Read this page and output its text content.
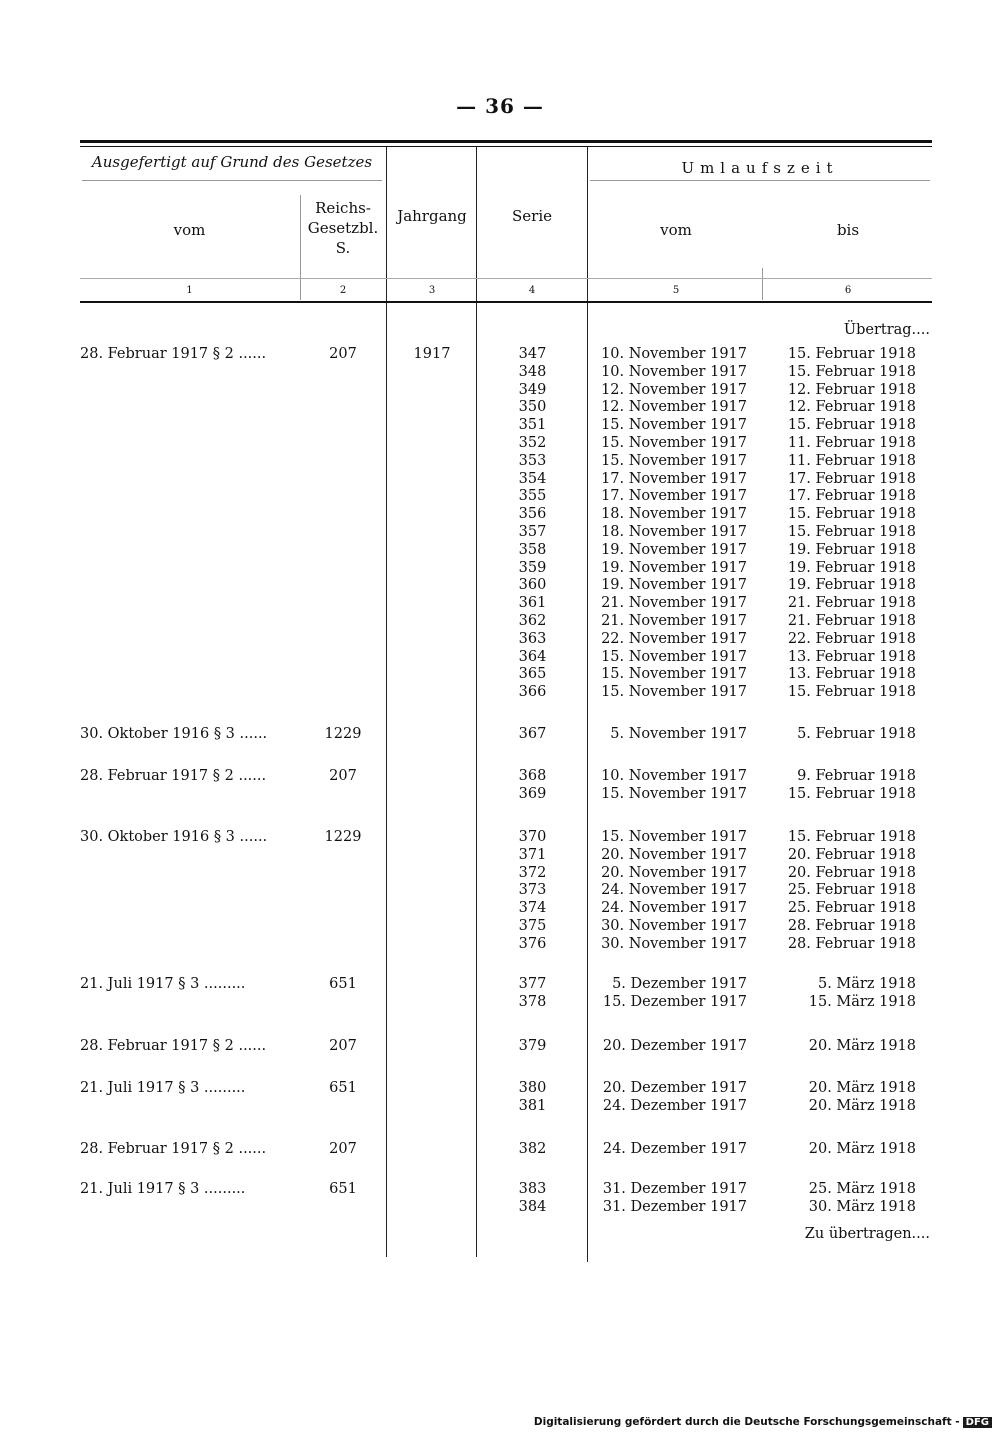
— 36 —
Ausgefertigt auf Grund des Gesetzes
vom
Reichs-
Gesetzbl.
S.
Jahrgang	Serie
Umlaufszeit
vom	bis
1	2	3	4	5	6
Übertrag....
28. Februar 1917 § 2 ......	207	1917	347	10. November 1917	15. Februar 1918
348	10. November 1917	15. Februar 1918
349	12. November 1917	12. Februar 1918
350	12. November 1917	12. Februar 1918
351	15. November 1917	15. Februar 1918
352	15. November 1917	11. Februar 1918
353	15. November 1917	11. Februar 1918
354	17. November 1917	17. Februar 1918
355	17. November 1917	17. Februar 1918
356	18. November 1917	15. Februar 1918
357	18. November 1917	15. Februar 1918
358	19. November 1917	19. Februar 1918
359	19. November 1917	19. Februar 1918
360	19. November 1917	19. Februar 1918
361	21. November 1917	21. Februar 1918
362	21. November 1917	21. Februar 1918
363	22. November 1917	22. Februar 1918
364	15. November 1917	13. Februar 1918
365	15. November 1917	13. Februar 1918
366	15. November 1917	15. Februar 1918
30. Oktober 1916 § 3 ......	1229	367	5. November 1917	5. Februar 1918
28. Februar 1917 § 2 ......	207	368	10. November 1917	9. Februar 1918
369	15. November 1917	15. Februar 1918
30. Oktober 1916 § 3 ......	1229	370	15. November 1917	15. Februar 1918
371	20. November 1917	20. Februar 1918
372	20. November 1917	20. Februar 1918
373	24. November 1917	25. Februar 1918
374	24. November 1917	25. Februar 1918
375	30. November 1917	28. Februar 1918
376	30. November 1917	28. Februar 1918
21. Juli 1917 § 3 .........	651	377	5. Dezember 1917	5. März 1918
378	15. Dezember 1917	15. März 1918
28. Februar 1917 § 2 ......	207	379	20. Dezember 1917	20. März 1918
21. Juli 1917 § 3 .........	651	380	20. Dezember 1917	20. März 1918
381	24. Dezember 1917	20. März 1918
28. Februar 1917 § 2 ......	207	382	24. Dezember 1917	20. März 1918
21. Juli 1917 § 3 .........	651	383	31. Dezember 1917	25. März 1918
384	31. Dezember 1917	30. März 1918
Zu übertragen....
Digitalisierung gefördert durch die Deutsche Forschungsgemeinschaft - DFG
